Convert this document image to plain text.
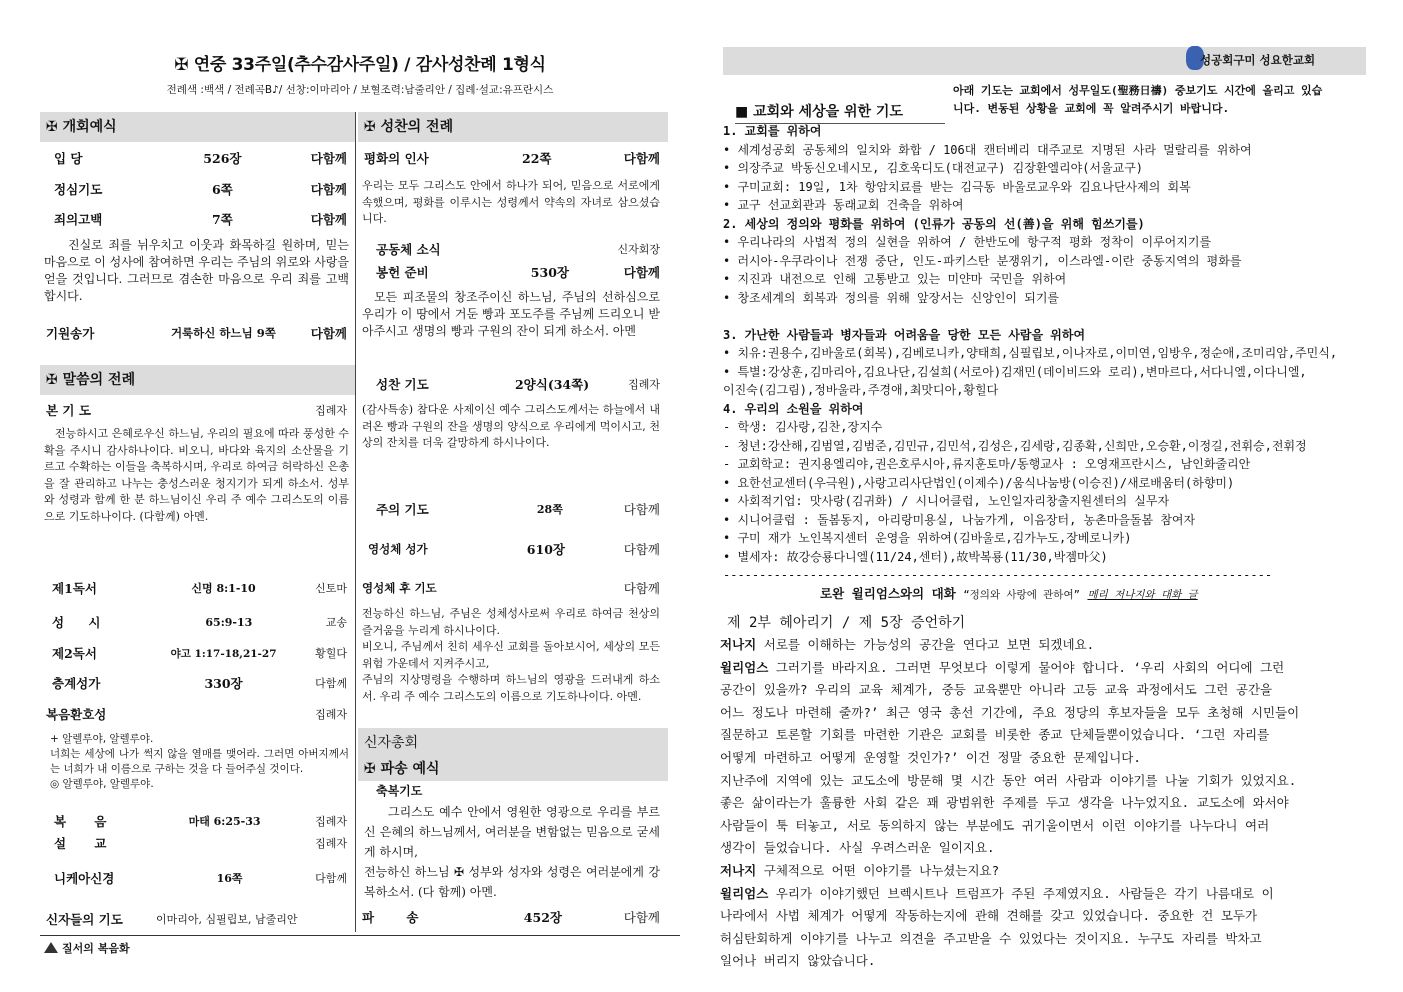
✠ 연중 33주일(추수감사주일) / 감사성찬례 1형식
전례색 :백색 / 전례곡B♪/ 선창:이마리아 / 보혈조력:남줄리안 / 집례·설교:유프란시스
✠ 개회예식
입 당	526장	다함께
정심기도	6쪽	다함께
죄의고백	7쪽	다함께
진실로 죄를 뉘우치고 이웃과 화목하길 원하며, 믿는 마음으로 이 성사에 참여하면 우리는 주님의 위로와 사랑을 얻을 것입니다. 그러므로 겸손한 마음으로 우리 죄를 고백합시다.
기원송가	거룩하신 하느님 9쪽	다함께
✠ 말씀의 전례
본 기 도	집례자
전능하시고 은혜로우신 하느님, 우리의 필요에 따라 풍성한 수확을 주시니 감사하나이다. 비오니, 바다와 육지의 소산물을 기르고 수확하는 이들을 축복하시며, 우리로 하여금 허락하신 은총을 잘 관리하고 나누는 충성스러운 청지기가 되게 하소서. 성부와 성령과 함께 한 분 하느님이신 우리 주 예수 그리스도의 이름으로 기도하나이다. (다함께) 아멘.
제1독서	신명 8:1-10	신토마
성 시	65:9-13	교송
제2독서	야고 1:17-18,21-27	황힐다
층계성가	330장	다함께
복음환호성	집례자
+ 알렐루야, 알렐루야.
너희는 세상에 나가 썩지 않을 열매를 맺어라. 그러면 아버지께서는 너희가 내 이름으로 구하는 것을 다 들어주실 것이다.
◎ 알렐루야, 알렐루야.
복 음	마태 6:25-33	집례자
설 교	집례자
니케아신경	16쪽	다함께
신자들의 기도	이마리아, 심필립보, 남줄리안
✠ 성찬의 전례
평화의 인사	22쪽	다함께
우리는 모두 그리스도 안에서 하나가 되어, 믿음으로 서로에게 속했으며, 평화를 이루시는 성령께서 약속의 자녀로 삼으셨습니다.
공동체 소식	신자회장
봉헌 준비	530장	다함께
모든 피조물의 창조주이신 하느님, 주님의 선하심으로 우리가 이 땅에서 거둔 빵과 포도주를 주님께 드리오니 받아주시고 생명의 빵과 구원의 잔이 되게 하소서. 아멘
성찬 기도	2양식(34쪽)	집례자
(감사특송) 참다운 사제이신 예수 그리스도께서는 하늘에서 내려온 빵과 구원의 잔을 생명의 양식으로 우리에게 먹이시고, 천상의 잔치를 더욱 갈망하게 하시나이다.
주의 기도	28쪽	다함께
영성체 성가	610장	다함께
영성체 후 기도	다함께
전능하신 하느님, 주님은 성체성사로써 우리로 하여금 천상의 즐거움을 누리게 하시나이다.
비오니, 주님께서 친히 세우신 교회를 돌아보시어, 세상의 모든 위험 가운데서 지켜주시고,
주님의 지상명령을 수행하며 하느님의 영광을 드러내게 하소서. 우리 주 예수 그리스도의 이름으로 기도하나이다. 아멘.
신자총회
✠ 파송 예식
축복기도
그리스도 예수 안에서 영원한 영광으로 우리를 부르신 은혜의 하느님께서, 여러분을 변함없는 믿음으로 굳세게 하시며,
전능하신 하느님 ✠ 성부와 성자와 성령은 여러분에게 강복하소서. (다 함께) 아멘.
파 송	452장	다함께
질서의 복음화
성공회구미 성요한교회
아래 기도는 교회에서 성무일도(聖務日禱) 중보기도 시간에 올리고 있습
니다. 변동된 상황을 교회에 꼭 알려주시기 바랍니다.
■ 교회와 세상을 위한 기도
1. 교회를 위하여
• 세계성공회 공동체의 일치와 화합 / 106대 캔터베리 대주교로 지명된 사라 멀랄리를 위하여
• 의장주교 박동신오네시모, 김호욱디도(대전교구) 김장환엘리야(서울교구)
• 구미교회: 19일, 1차 항암치료를 받는 김극동 바울로교우와 김요나단사제의 회복
• 교구 선교회관과 동래교회 건축을 위하여
2. 세상의 정의와 평화를 위하여 (인류가 공동의 선(善)을 위해 힘쓰기를)
• 우리나라의 사법적 정의 실현을 위하여 / 한반도에 항구적 평화 정착이 이루어지기를
• 러시아-우쿠라이나 전쟁 중단, 인도-파키스탄 분쟁위기, 이스라엘-이란 중동지역의 평화를
• 지진과 내전으로 인해 고통받고 있는 미얀마 국민을 위하여
• 창조세계의 회복과 정의를 위해 앞장서는 신앙인이 되기를
3. 가난한 사람들과 병자들과 어려움을 당한 모든 사람을 위하여
• 치유:권용수,김바울로(회복),김베로니카,양태희,심필립보,이나자로,이미연,임방우,정순애,조미리암,주민식,
• 특별:강상훈,김마리아,김요나단,김설희(서로아)김재민(데이비드와 로리),변마르다,서다니엘,이다니엘,
이진숙(김그림),정바울라,주경애,최맛디아,황힐다
4. 우리의 소원을 위하여
- 학생: 김사랑,김찬,장지수
- 청년:강산해,김범열,김범준,김민규,김민석,김성은,김세랑,김종확,신희만,오승환,이정길,전휘승,전휘정
- 교회학교: 권지용엘리야,권은호루시아,류지훈토마/동행교사 : 오영재프란시스, 남인화줄리안
• 요한선교센터(우극원),사랑고리사단법인(이제수)/움식나눔방(이승진)/새로배움터(하향미)
• 사회적기업: 맛사랑(김귀화) / 시니어클럽, 노인일자리창출지원센터의 실무자
• 시니어클럽 : 돌봄동지, 아리랑미용실, 나눔가게, 이음장터, 농촌마을돌봄 참여자
• 구미 재가 노인복지센터 운영을 위하여(김바울로,김가누도,장베로니카)
• 별세자: 故강승룡다니엘(11/24,센터),故박복룡(11/30,박젬마父)
----------------------------------------------------------------------------
로완 윌리엄스와의 대화 “정의와 사랑에 관하여” 메리 저나지와 대화 글
제 2부 헤아리기 / 제 5장 증언하기
저나지 서로를 이해하는 가능성의 공간을 연다고 보면 되겠네요.
윌리엄스 그러기를 바라지요. 그러면 무엇보다 이렇게 물어야 합니다. ‘우리 사회의 어디에 그런
공간이 있을까? 우리의 교육 체계가, 중등 교육뿐만 아니라 고등 교육 과정에서도 그런 공간을
어느 정도나 마련해 줄까?’ 최근 영국 총선 기간에, 주요 정당의 후보자들을 모두 초청해 시민들이
질문하고 토론할 기회를 마련한 기관은 교회를 비롯한 종교 단체들뿐이었습니다. ‘그런 자리를
어떻게 마련하고 어떻게 운영할 것인가?’ 이건 정말 중요한 문제입니다.
지난주에 지역에 있는 교도소에 방문해 몇 시간 동안 여러 사람과 이야기를 나눌 기회가 있었지요.
좋은 삶이라는가 훌륭한 사회 같은 꽤 광범위한 주제를 두고 생각을 나누었지요. 교도소에 와서야
사람들이 툭 터놓고, 서로 동의하지 않는 부분에도 귀기울이면서 이런 이야기를 나누다니 여러
생각이 들었습니다. 사실 우려스러운 일이지요.
저나지 구체적으로 어떤 이야기를 나누셨는지요?
윌리엄스 우리가 이야기했던 브렉시트나 트럼프가 주된 주제였지요. 사람들은 각기 나름대로 이
나라에서 사법 체계가 어떻게 작동하는지에 관해 견해를 갖고 있었습니다. 중요한 건 모두가
허심탄회하게 이야기를 나누고 의견을 주고받을 수 있었다는 것이지요. 누구도 자리를 박차고
일어나 버리지 않았습니다.
